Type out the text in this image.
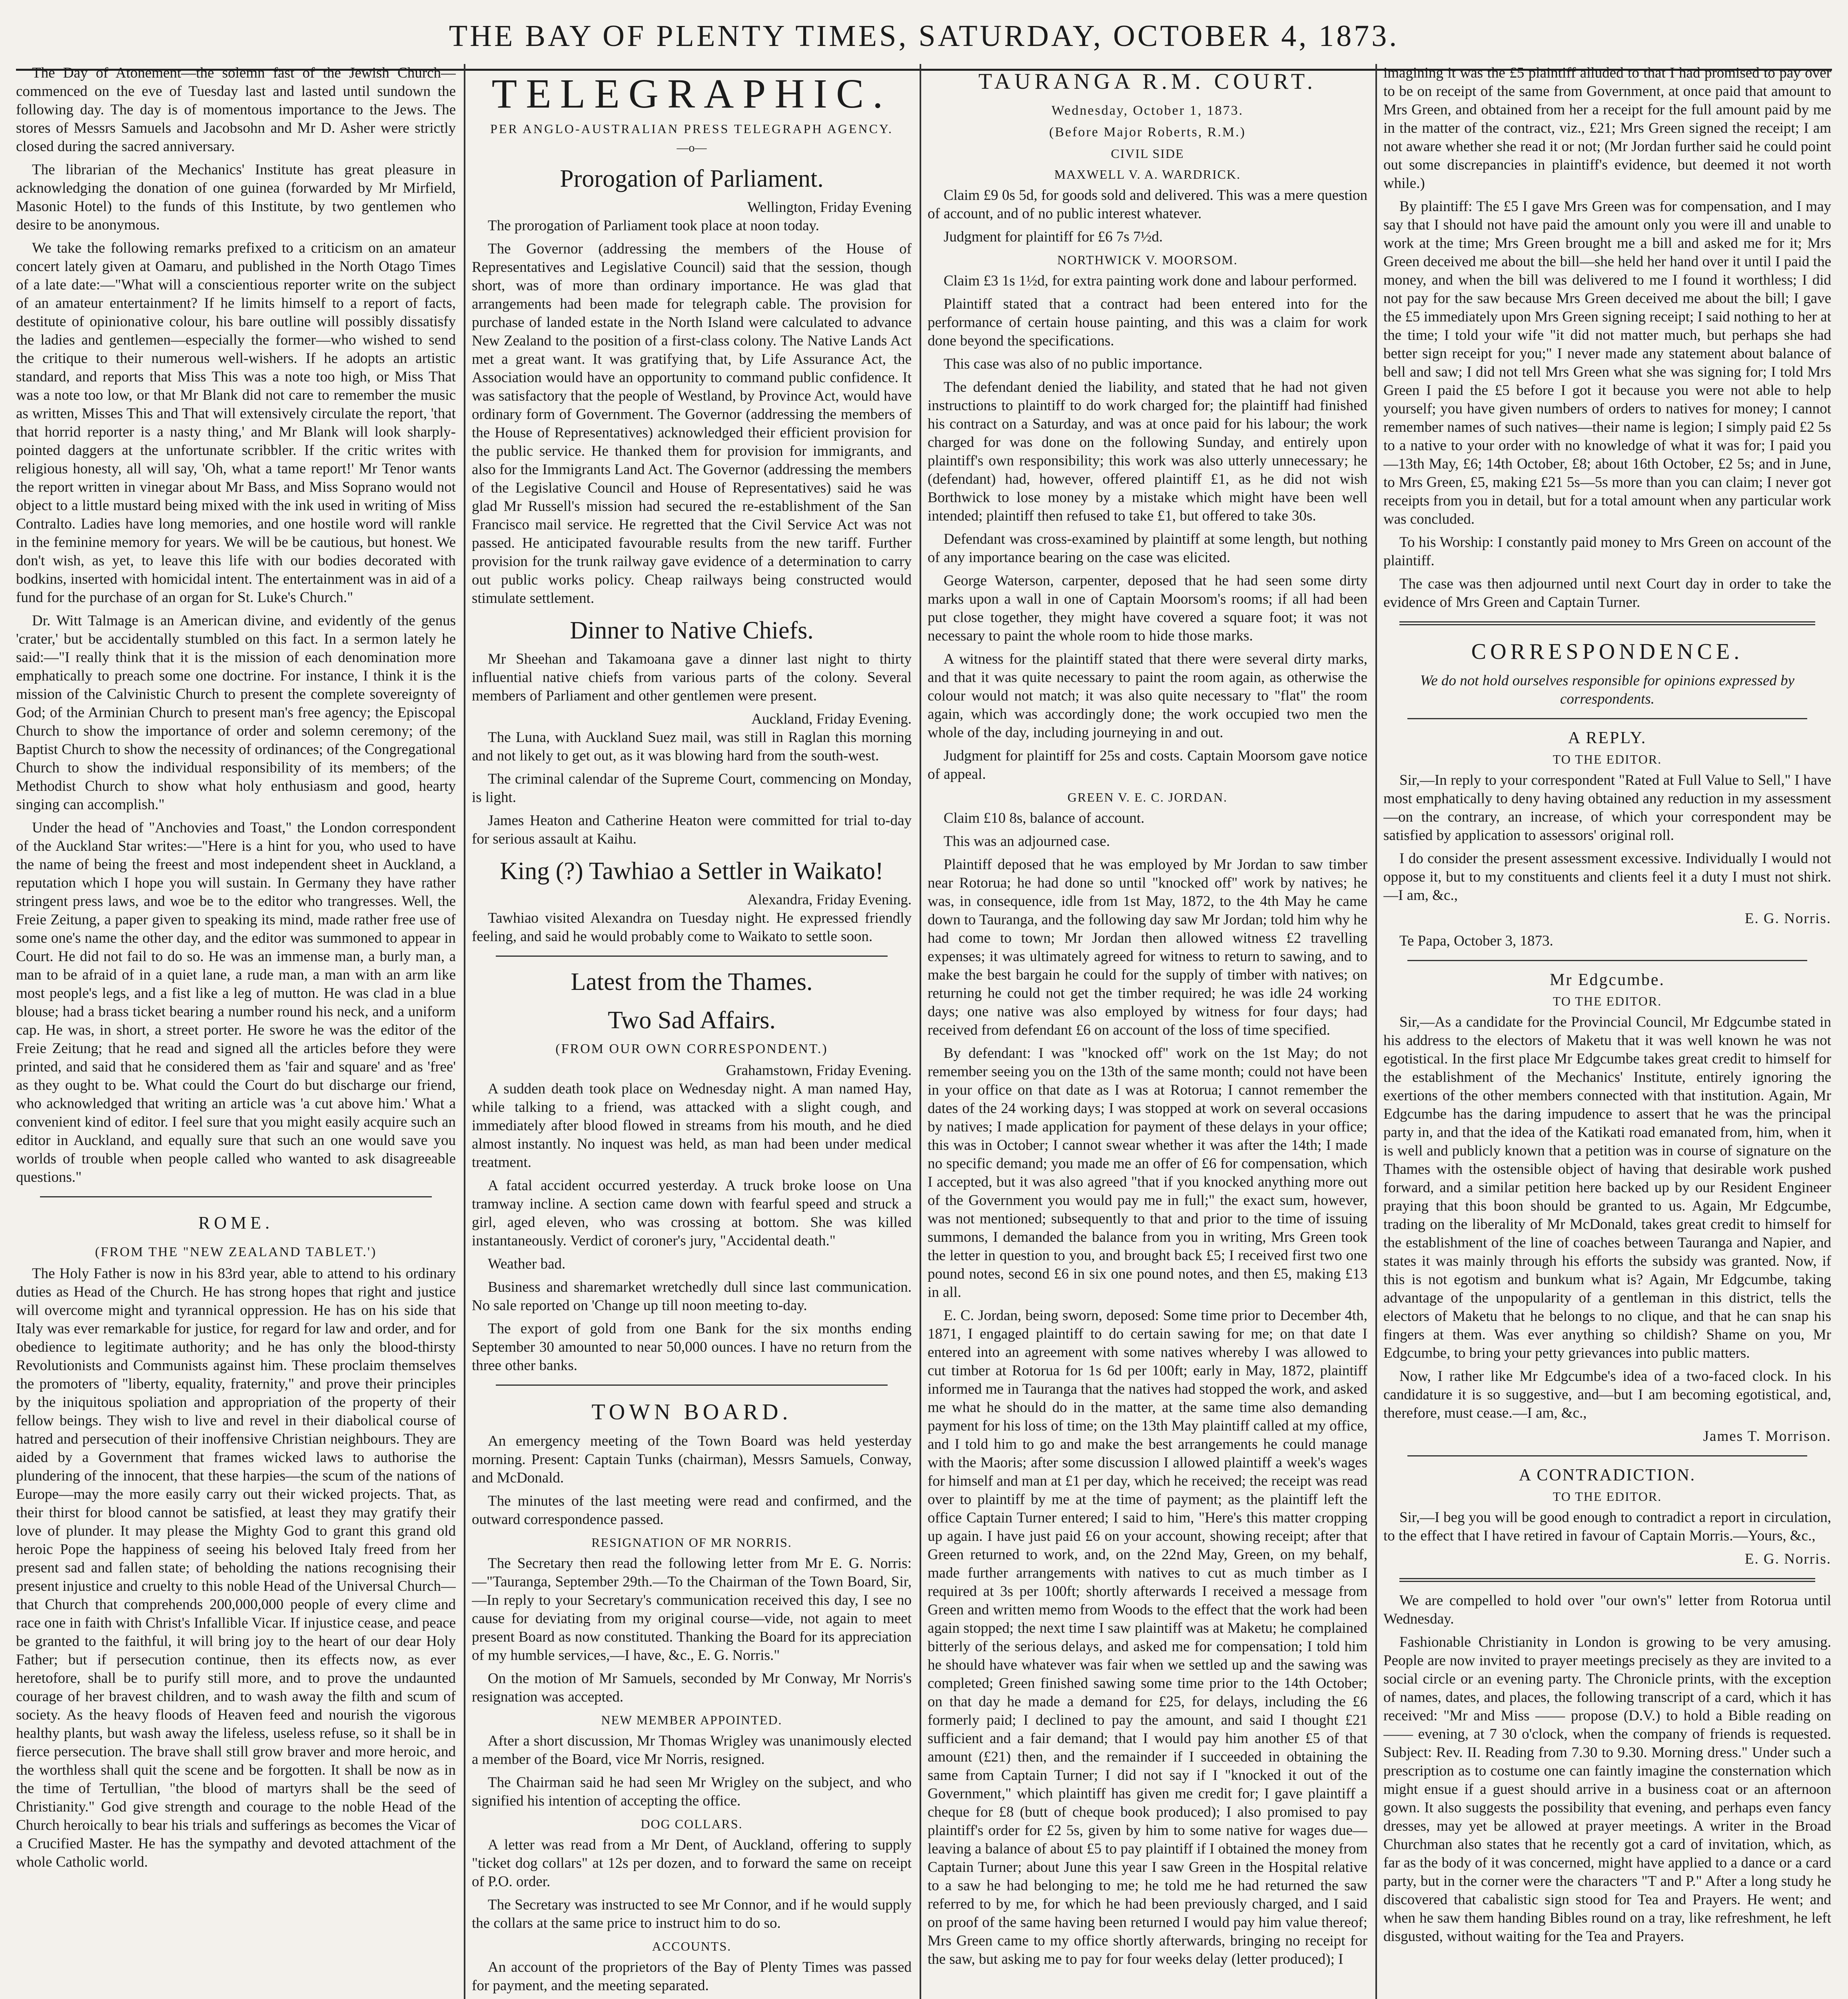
THE BAY OF PLENTY TIMES, SATURDAY, OCTOBER 4, 1873.

The Day of Atonement—the solemn fast of the Jewish Church—commenced on the eve of Tuesday last and lasted until sundown the following day. The day is of momentous importance to the Jews. The stores of Messrs Samuels and Jacobsohn and Mr D. Asher were strictly closed during the sacred anniversary.

The librarian of the Mechanics' Institute has great pleasure in acknowledging the donation of one guinea (forwarded by Mr Mirfield, Masonic Hotel) to the funds of this Institute, by two gentlemen who desire to be anonymous.

We take the following remarks prefixed to a criticism on an amateur concert lately given at Oamaru, and published in the North Otago Times of a late date:—"What will a conscientious reporter write on the subject of an amateur entertainment? If he limits himself to a report of facts, destitute of opinionative colour, his bare outline will possibly dissatisfy the ladies and gentlemen—especially the former—who wished to send the critique to their numerous well-wishers. If he adopts an artistic standard, and reports that Miss This was a note too high, or Miss That was a note too low, or that Mr Blank did not care to remember the music as written, Misses This and That will extensively circulate the report, 'that that horrid reporter is a nasty thing,' and Mr Blank will look sharply-pointed daggers at the unfortunate scribbler. If the critic writes with religious honesty, all will say, 'Oh, what a tame report!' Mr Tenor wants the report written in vinegar about Mr Bass, and Miss Soprano would not object to a little mustard being mixed with the ink used in writing of Miss Contralto. Ladies have long memories, and one hostile word will rankle in the feminine memory for years. We will be be cautious, but honest. We don't wish, as yet, to leave this life with our bodies decorated with bodkins, inserted with homicidal intent. The entertainment was in aid of a fund for the purchase of an organ for St. Luke's Church."

Dr. Witt Talmage is an American divine, and evidently of the genus 'crater,' but be accidentally stumbled on this fact. In a sermon lately he said:—"I really think that it is the mission of each denomination more emphatically to preach some one doctrine. For instance, I think it is the mission of the Calvinistic Church to present the complete sovereignty of God; of the Arminian Church to present man's free agency; the Episcopal Church to show the importance of order and solemn ceremony; of the Baptist Church to show the necessity of ordinances; of the Congregational Church to show the individual responsibility of its members; of the Methodist Church to show what holy enthusiasm and good, hearty singing can accomplish."

Under the head of "Anchovies and Toast," the London correspondent of the Auckland Star writes:—"Here is a hint for you, who used to have the name of being the freest and most independent sheet in Auckland, a reputation which I hope you will sustain. In Germany they have rather stringent press laws, and woe be to the editor who trangresses. Well, the Freie Zeitung, a paper given to speaking its mind, made rather free use of some one's name the other day, and the editor was summoned to appear in Court. He did not fail to do so. He was an immense man, a burly man, a man to be afraid of in a quiet lane, a rude man, a man with an arm like most people's legs, and a fist like a leg of mutton. He was clad in a blue blouse; had a brass ticket bearing a number round his neck, and a uniform cap. He was, in short, a street porter. He swore he was the editor of the Freie Zeitung; that he read and signed all the articles before they were printed, and said that he considered them as 'fair and square' and as 'free' as they ought to be. What could the Court do but discharge our friend, who acknowledged that writing an article was 'a cut above him.' What a convenient kind of editor. I feel sure that you might easily acquire such an editor in Auckland, and equally sure that such an one would save you worlds of trouble when people called who wanted to ask disagreeable questions."

ROME.
(FROM THE "NEW ZEALAND TABLET.')

The Holy Father is now in his 83rd year, able to attend to his ordinary duties as Head of the Church. He has strong hopes that right and justice will overcome might and tyrannical oppression. He has on his side that Italy was ever remarkable for justice, for regard for law and order, and for obedience to legitimate authority; and he has only the blood-thirsty Revolutionists and Communists against him. These proclaim themselves the promoters of "liberty, equality, fraternity," and prove their principles by the iniquitous spoliation and appropriation of the property of their fellow beings. They wish to live and revel in their diabolical course of hatred and persecution of their inoffensive Christian neighbours. They are aided by a Government that frames wicked laws to authorise the plundering of the innocent, that these harpies—the scum of the nations of Europe—may the more easily carry out their wicked projects. That, as their thirst for blood cannot be satisfied, at least they may gratify their love of plunder. It may please the Mighty God to grant this grand old heroic Pope the happiness of seeing his beloved Italy freed from her present sad and fallen state; of beholding the nations recognising their present injustice and cruelty to this noble Head of the Universal Church—that Church that comprehends 200,000,000 people of every clime and race one in faith with Christ's Infallible Vicar. If injustice cease, and peace be granted to the faithful, it will bring joy to the heart of our dear Holy Father; but if persecution continue, then its effects now, as ever heretofore, shall be to purify still more, and to prove the undaunted courage of her bravest children, and to wash away the filth and scum of society. As the heavy floods of Heaven feed and nourish the vigorous healthy plants, but wash away the lifeless, useless refuse, so it shall be in fierce persecution. The brave shall still grow braver and more heroic, and the worthless shall quit the scene and be forgotten. It shall be now as in the time of Tertullian, "the blood of martyrs shall be the seed of Christianity." God give strength and courage to the noble Head of the Church heroically to bear his trials and sufferings as becomes the Vicar of a Crucified Master. He has the sympathy and devoted attachment of the whole Catholic world.

TELEGRAPHIC.
PER ANGLO-AUSTRALIAN PRESS TELEGRAPH AGENCY.
—o—
Prorogation of Parliament.
Wellington, Friday Evening

The prorogation of Parliament took place at noon today.

The Governor (addressing the members of the House of Representatives and Legislative Council) said that the session, though short, was of more than ordinary importance. He was glad that arrangements had been made for telegraph cable. The provision for purchase of landed estate in the North Island were calculated to advance New Zealand to the position of a first-class colony. The Native Lands Act met a great want. It was gratifying that, by Life Assurance Act, the Association would have an opportunity to command public confidence. It was satisfactory that the people of Westland, by Province Act, would have ordinary form of Government. The Governor (addressing the members of the House of Representatives) acknowledged their efficient provision for the public service. He thanked them for provision for immigrants, and also for the Immigrants Land Act. The Governor (addressing the members of the Legislative Council and House of Representatives) said he was glad Mr Russell's mission had secured the re-establishment of the San Francisco mail service. He regretted that the Civil Service Act was not passed. He anticipated favourable results from the new tariff. Further provision for the trunk railway gave evidence of a determination to carry out public works policy. Cheap railways being constructed would stimulate settlement.

Dinner to Native Chiefs.

Mr Sheehan and Takamoana gave a dinner last night to thirty influential native chiefs from various parts of the colony. Several members of Parliament and other gentlemen were present.

Auckland, Friday Evening.

The Luna, with Auckland Suez mail, was still in Raglan this morning and not likely to get out, as it was blowing hard from the south-west.

The criminal calendar of the Supreme Court, commencing on Monday, is light.

James Heaton and Catherine Heaton were committed for trial to-day for serious assault at Kaihu.

King (?) Tawhiao a Settler in Waikato!
Alexandra, Friday Evening.

Tawhiao visited Alexandra on Tuesday night. He expressed friendly feeling, and said he would probably come to Waikato to settle soon.

Latest from the Thames.
Two Sad Affairs.
(FROM OUR OWN CORRESPONDENT.)
Grahamstown, Friday Evening.

A sudden death took place on Wednesday night. A man named Hay, while talking to a friend, was attacked with a slight cough, and immediately after blood flowed in streams from his mouth, and he died almost instantly. No inquest was held, as man had been under medical treatment.

A fatal accident occurred yesterday. A truck broke loose on Una tramway incline. A section came down with fearful speed and struck a girl, aged eleven, who was crossing at bottom. She was killed instantaneously. Verdict of coroner's jury, "Accidental death."

Weather bad.

Business and sharemarket wretchedly dull since last communication. No sale reported on 'Change up till noon meeting to-day.

The export of gold from one Bank for the six months ending September 30 amounted to near 50,000 ounces. I have no return from the three other banks.

TOWN BOARD.

An emergency meeting of the Town Board was held yesterday morning. Present: Captain Tunks (chairman), Messrs Samuels, Conway, and McDonald.

The minutes of the last meeting were read and confirmed, and the outward correspondence passed.

RESIGNATION OF MR NORRIS.

The Secretary then read the following letter from Mr E. G. Norris:—"Tauranga, September 29th.—To the Chairman of the Town Board, Sir,—In reply to your Secretary's communication received this day, I see no cause for deviating from my original course—vide, not again to meet present Board as now constituted. Thanking the Board for its appreciation of my humble services,—I have, &c., E. G. Norris."

On the motion of Mr Samuels, seconded by Mr Conway, Mr Norris's resignation was accepted.

NEW MEMBER APPOINTED.

After a short discussion, Mr Thomas Wrigley was unanimously elected a member of the Board, vice Mr Norris, resigned.

The Chairman said he had seen Mr Wrigley on the subject, and who signified his intention of accepting the office.

DOG COLLARS.

A letter was read from a Mr Dent, of Auckland, offering to supply "ticket dog collars" at 12s per dozen, and to forward the same on receipt of P.O. order.

The Secretary was instructed to see Mr Connor, and if he would supply the collars at the same price to instruct him to do so.

ACCOUNTS.

An account of the proprietors of the Bay of Plenty Times was passed for payment, and the meeting separated.

TAURANGA R.M. COURT.
Wednesday, October 1, 1873.
(Before Major Roberts, R.M.)
CIVIL SIDE
MAXWELL V. A. WARDRICK.

Claim £9 0s 5d, for goods sold and delivered. This was a mere question of account, and of no public interest whatever.

Judgment for plaintiff for £6 7s 7½d.

NORTHWICK V. MOORSOM.

Claim £3 1s 1½d, for extra painting work done and labour performed.

Plaintiff stated that a contract had been entered into for the performance of certain house painting, and this was a claim for work done beyond the specifications.

This case was also of no public importance.

The defendant denied the liability, and stated that he had not given instructions to plaintiff to do work charged for; the plaintiff had finished his contract on a Saturday, and was at once paid for his labour; the work charged for was done on the following Sunday, and entirely upon plaintiff's own responsibility; this work was also utterly unnecessary; he (defendant) had, however, offered plaintiff £1, as he did not wish Borthwick to lose money by a mistake which might have been well intended; plaintiff then refused to take £1, but offered to take 30s.

Defendant was cross-examined by plaintiff at some length, but nothing of any importance bearing on the case was elicited.

George Waterson, carpenter, deposed that he had seen some dirty marks upon a wall in one of Captain Moorsom's rooms; if all had been put close together, they might have covered a square foot; it was not necessary to paint the whole room to hide those marks.

A witness for the plaintiff stated that there were several dirty marks, and that it was quite necessary to paint the room again, as otherwise the colour would not match; it was also quite necessary to "flat" the room again, which was accordingly done; the work occupied two men the whole of the day, including journeying in and out.

Judgment for plaintiff for 25s and costs. Captain Moorsom gave notice of appeal.

GREEN V. E. C. JORDAN.

Claim £10 8s, balance of account.

This was an adjourned case.

Plaintiff deposed that he was employed by Mr Jordan to saw timber near Rotorua; he had done so until "knocked off" work by natives; he was, in consequence, idle from 1st May, 1872, to the 4th May he came down to Tauranga, and the following day saw Mr Jordan; told him why he had come to town; Mr Jordan then allowed witness £2 travelling expenses; it was ultimately agreed for witness to return to sawing, and to make the best bargain he could for the supply of timber with natives; on returning he could not get the timber required; he was idle 24 working days; one native was also employed by witness for four days; had received from defendant £6 on account of the loss of time specified.

By defendant: I was "knocked off" work on the 1st May; do not remember seeing you on the 13th of the same month; could not have been in your office on that date as I was at Rotorua; I cannot remember the dates of the 24 working days; I was stopped at work on several occasions by natives; I made application for payment of these delays in your office; this was in October; I cannot swear whether it was after the 14th; I made no specific demand; you made me an offer of £6 for compensation, which I accepted, but it was also agreed "that if you knocked anything more out of the Government you would pay me in full;" the exact sum, however, was not mentioned; subsequently to that and prior to the time of issuing summons, I demanded the balance from you in writing, Mrs Green took the letter in question to you, and brought back £5; I received first two one pound notes, second £6 in six one pound notes, and then £5, making £13 in all.

E. C. Jordan, being sworn, deposed: Some time prior to December 4th, 1871, I engaged plaintiff to do certain sawing for me; on that date I entered into an agreement with some natives whereby I was allowed to cut timber at Rotorua for 1s 6d per 100ft; early in May, 1872, plaintiff informed me in Tauranga that the natives had stopped the work, and asked me what he should do in the matter, at the same time also demanding payment for his loss of time; on the 13th May plaintiff called at my office, and I told him to go and make the best arrangements he could manage with the Maoris; after some discussion I allowed plaintiff a week's wages for himself and man at £1 per day, which he received; the receipt was read over to plaintiff by me at the time of payment; as the plaintiff left the office Captain Turner entered; I said to him, "Here's this matter cropping up again. I have just paid £6 on your account, showing receipt; after that Green returned to work, and, on the 22nd May, Green, on my behalf, made further arrangements with natives to cut as much timber as I required at 3s per 100ft; shortly afterwards I received a message from Green and written memo from Woods to the effect that the work had been again stopped; the next time I saw plaintiff was at Maketu; he complained bitterly of the serious delays, and asked me for compensation; I told him he should have whatever was fair when we settled up and the sawing was completed; Green finished sawing some time prior to the 14th October; on that day he made a demand for £25, for delays, including the £6 formerly paid; I declined to pay the amount, and said I thought £21 sufficient and a fair demand; that I would pay him another £5 of that amount (£21) then, and the remainder if I succeeded in obtaining the same from Captain Turner; I did not say if I "knocked it out of the Government," which plaintiff has given me credit for; I gave plaintiff a cheque for £8 (butt of cheque book produced); I also promised to pay plaintiff's order for £2 5s, given by him to some native for wages due—leaving a balance of about £5 to pay plaintiff if I obtained the money from Captain Turner; about June this year I saw Green in the Hospital relative to a saw he had belonging to me; he told me he had returned the saw referred to by me, for which he had been previously charged, and I said on proof of the same having been returned I would pay him value thereof; Mrs Green came to my office shortly afterwards, bringing no receipt for the saw, but asking me to pay for four weeks delay (letter produced); I

imagining it was the £5 plaintiff alluded to that I had promised to pay over to be on receipt of the same from Government, at once paid that amount to Mrs Green, and obtained from her a receipt for the full amount paid by me in the matter of the contract, viz., £21; Mrs Green signed the receipt; I am not aware whether she read it or not; (Mr Jordan further said he could point out some discrepancies in plaintiff's evidence, but deemed it not worth while.)

By plaintiff: The £5 I gave Mrs Green was for compensation, and I may say that I should not have paid the amount only you were ill and unable to work at the time; Mrs Green brought me a bill and asked me for it; Mrs Green deceived me about the bill—she held her hand over it until I paid the money, and when the bill was delivered to me I found it worthless; I did not pay for the saw because Mrs Green deceived me about the bill; I gave the £5 immediately upon Mrs Green signing receipt; I said nothing to her at the time; I told your wife "it did not matter much, but perhaps she had better sign receipt for you;" I never made any statement about balance of bell and saw; I did not tell Mrs Green what she was signing for; I told Mrs Green I paid the £5 before I got it because you were not able to help yourself; you have given numbers of orders to natives for money; I cannot remember names of such natives—their name is legion; I simply paid £2 5s to a native to your order with no knowledge of what it was for; I paid you—13th May, £6; 14th October, £8; about 16th October, £2 5s; and in June, to Mrs Green, £5, making £21 5s—5s more than you can claim; I never got receipts from you in detail, but for a total amount when any particular work was concluded.

To his Worship: I constantly paid money to Mrs Green on account of the plaintiff.

The case was then adjourned until next Court day in order to take the evidence of Mrs Green and Captain Turner.

CORRESPONDENCE.

We do not hold ourselves responsible for opinions expressed by correspondents.

A REPLY.
TO THE EDITOR.

Sir,—In reply to your correspondent "Rated at Full Value to Sell," I have most emphatically to deny having obtained any reduction in my assessment—on the contrary, an increase, of which your correspondent may be satisfied by application to assessors' original roll.

I do consider the present assessment excessive. Individually I would not oppose it, but to my constituents and clients feel it a duty I must not shirk.—I am, &c.,

E. G. Norris.

Te Papa, October 3, 1873.

Mr Edgcumbe.
TO THE EDITOR.

Sir,—As a candidate for the Provincial Council, Mr Edgcumbe stated in his address to the electors of Maketu that it was well known he was not egotistical. In the first place Mr Edgcumbe takes great credit to himself for the establishment of the Mechanics' Institute, entirely ignoring the exertions of the other members connected with that institution. Again, Mr Edgcumbe has the daring impudence to assert that he was the principal party in, and that the idea of the Katikati road emanated from, him, when it is well and publicly known that a petition was in course of signature on the Thames with the ostensible object of having that desirable work pushed forward, and a similar petition here backed up by our Resident Engineer praying that this boon should be granted to us. Again, Mr Edgcumbe, trading on the liberality of Mr McDonald, takes great credit to himself for the establishment of the line of coaches between Tauranga and Napier, and states it was mainly through his efforts the subsidy was granted. Now, if this is not egotism and bunkum what is? Again, Mr Edgcumbe, taking advantage of the unpopularity of a gentleman in this district, tells the electors of Maketu that he belongs to no clique, and that he can snap his fingers at them. Was ever anything so childish? Shame on you, Mr Edgcumbe, to bring your petty grievances into public matters.

Now, I rather like Mr Edgcumbe's idea of a two-faced clock. In his candidature it is so suggestive, and—but I am becoming egotistical, and, therefore, must cease.—I am, &c.,

James T. Morrison.
A CONTRADICTION.
TO THE EDITOR.

Sir,—I beg you will be good enough to contradict a report in circulation, to the effect that I have retired in favour of Captain Morris.—Yours, &c.,

E. G. Norris.

We are compelled to hold over "our own's" letter from Rotorua until Wednesday.

Fashionable Christianity in London is growing to be very amusing. People are now invited to prayer meetings precisely as they are invited to a social circle or an evening party. The Chronicle prints, with the exception of names, dates, and places, the following transcript of a card, which it has received: "Mr and Miss —— propose (D.V.) to hold a Bible reading on —— evening, at 7 30 o'clock, when the company of friends is requested. Subject: Rev. II. Reading from 7.30 to 9.30. Morning dress." Under such a prescription as to costume one can faintly imagine the consternation which might ensue if a guest should arrive in a business coat or an afternoon gown. It also suggests the possibility that evening, and perhaps even fancy dresses, may yet be allowed at prayer meetings. A writer in the Broad Churchman also states that he recently got a card of invitation, which, as far as the body of it was concerned, might have applied to a dance or a card party, but in the corner were the characters "T and P." After a long study he discovered that cabalistic sign stood for Tea and Prayers. He went; and when he saw them handing Bibles round on a tray, like refreshment, he left disgusted, without waiting for the Tea and Prayers.
